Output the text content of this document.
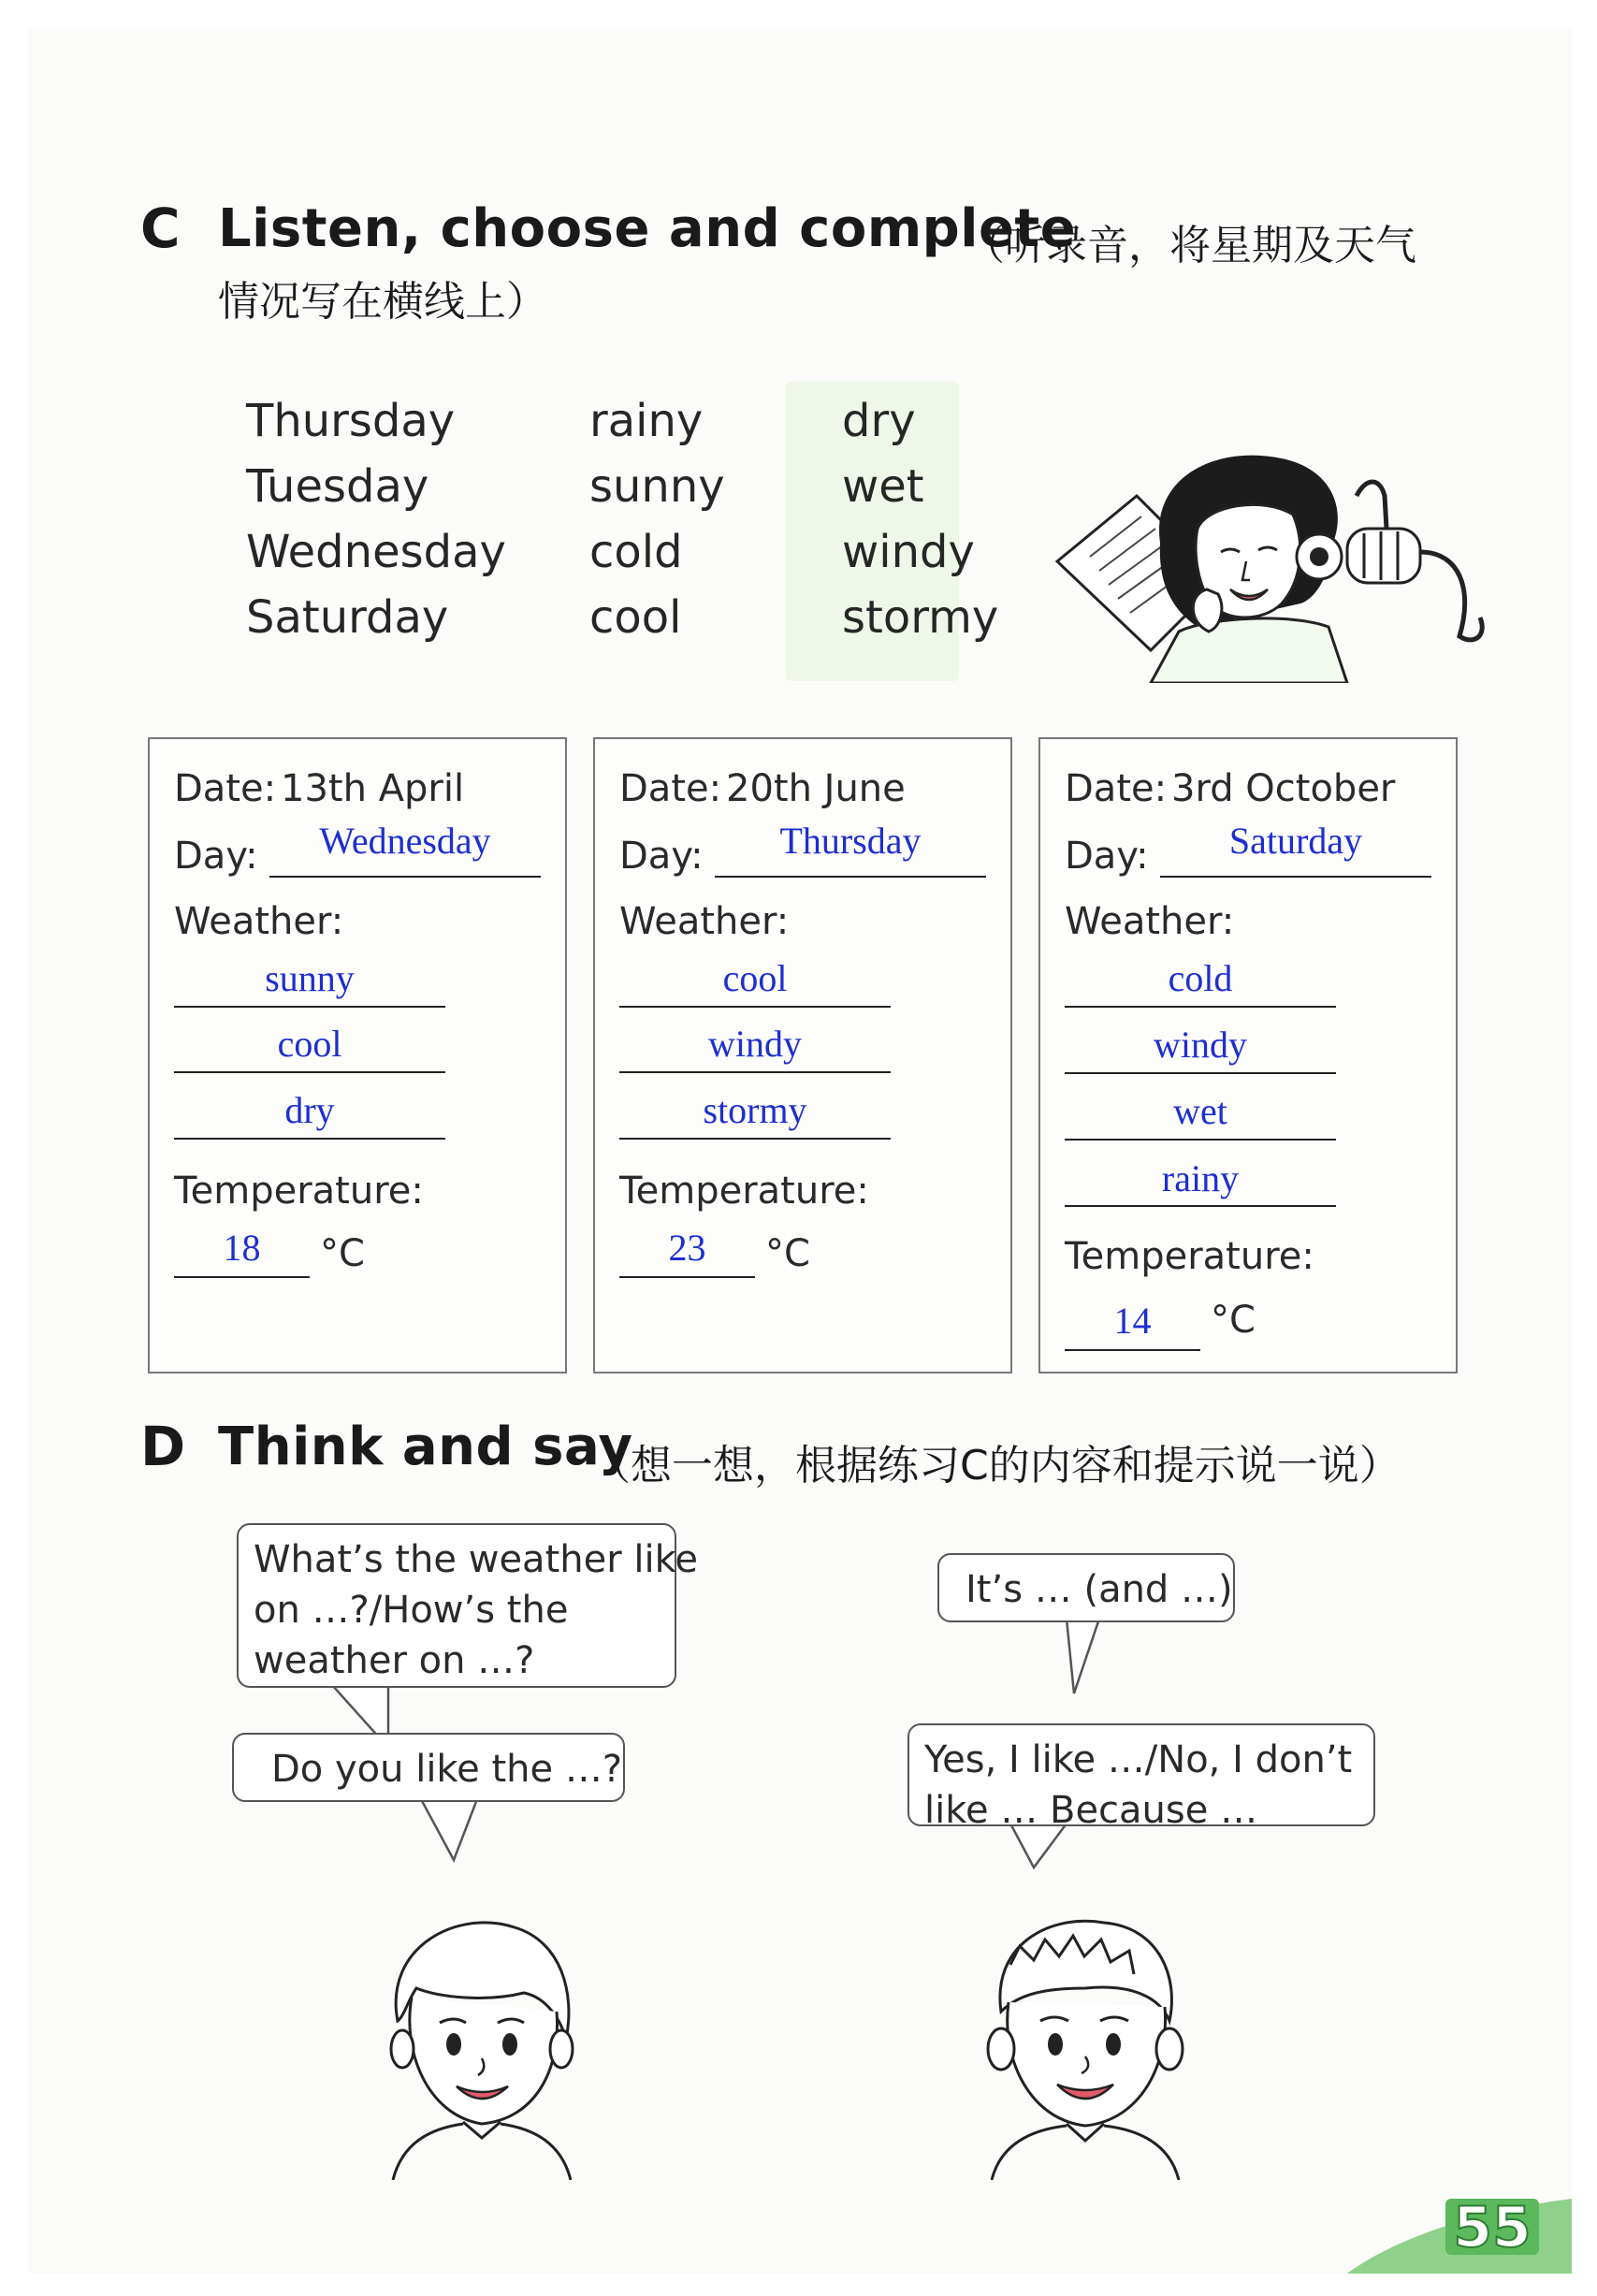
C Listen, choose and complete
（听录音，将星期及天气
情况写在横线上）
Thursday
Tuesday
Wednesday
Saturday
rainy
sunny
cold
cool
dry
wet
windy
stormy
Date: 13th April
Day:	Wednesday
Weather:
sunny
cool
dry
Temperature:
18	°C
Date: 20th June
Day:	Thursday
Weather:
cool
windy
stormy
Temperature:
23	°C
Date: 3rd October
Day:	Saturday
Weather:
cold
windy
wet
rainy
Temperature:
14	°C
D Think and say
（想一想，根据练习C的内容和提示说一说）
What’s the weather like
on …?/How’s the
weather on …?
Do you like the …?
It’s … (and …)
Yes, I like …/No, I don’t
like … Because …
55
